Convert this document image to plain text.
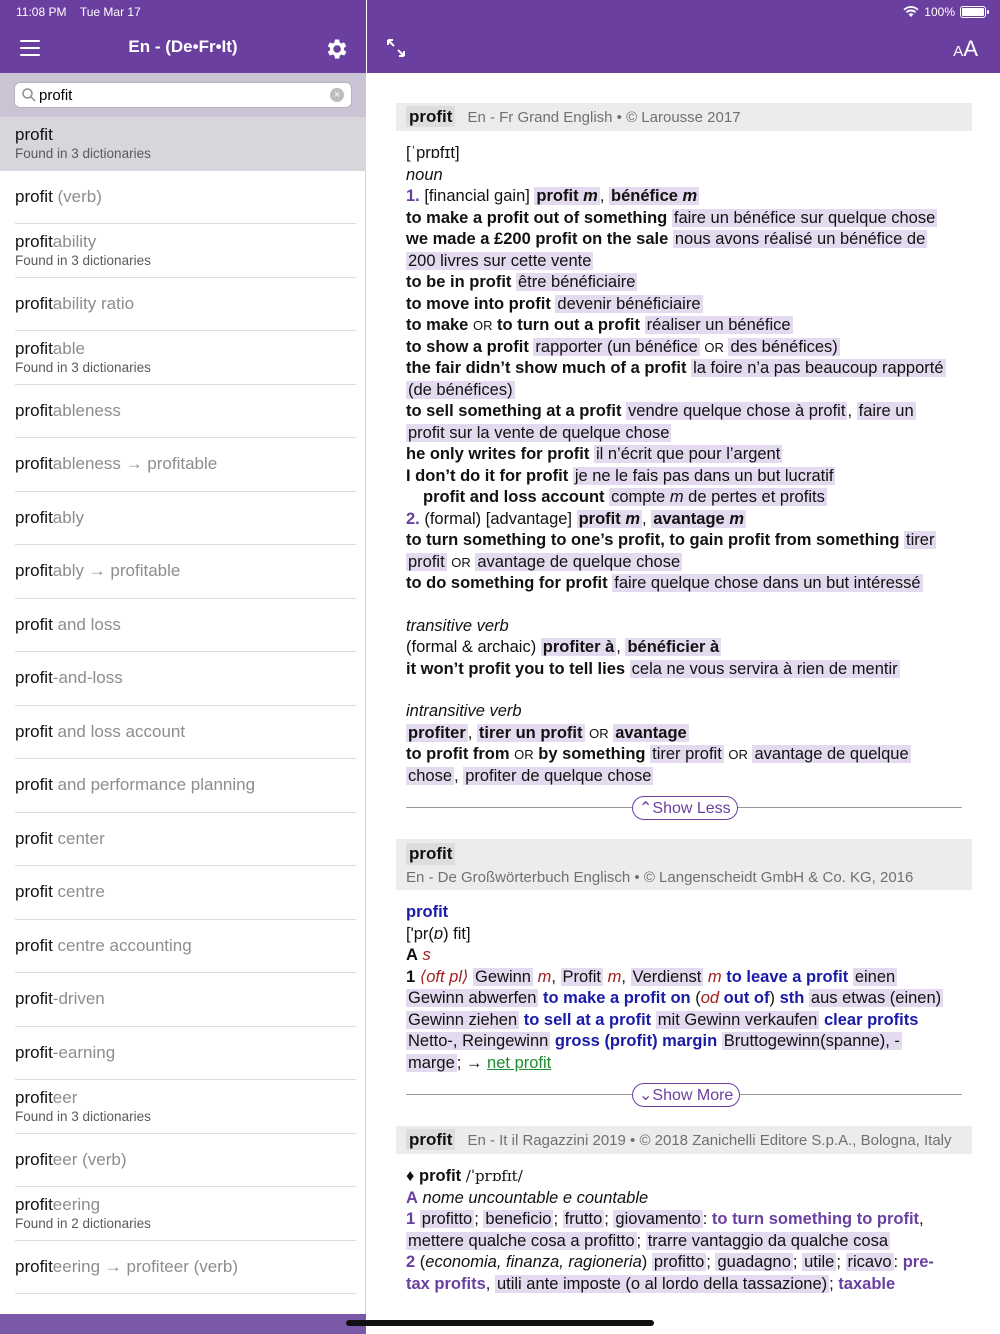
11:08 PM Tue Mar 17	100%
En - (De•Fr•It)
profit
×
profit
Found in 3 dictionaries
profit (verb)
profitability
Found in 3 dictionaries
profitability ratio
profitable
Found in 3 dictionaries
profitableness
profitableness → profitable
profitably
profitably → profitable
profit and loss
profit-and-loss
profit and loss account
profit and performance planning
profit center
profit centre
profit centre accounting
profit-driven
profit-earning
profiteer
Found in 3 dictionaries
profiteer (verb)
profiteering
Found in 2 dictionaries
profiteering → profiteer (verb)
AA
profit En - Fr Grand English • © Larousse 2017
[ˈprɒfɪt]
noun
1. [financial gain] profit m , bénéfice m
to make a profit out of something faire un bénéfice sur quelque chose
we made a £200 profit on the sale nous avons réalisé un bénéfice de
200 livres sur cette vente
to be in profit être bénéficiaire
to move into profit devenir bénéficiaire
to make OR to turn out a profit réaliser un bénéfice
to show a profit rapporter (un bénéfice OR des bénéfices)
the fair didn’t show much of a profit la foire n’a pas beaucoup rapporté
(de bénéfices)
to sell something at a profit vendre quelque chose à profit , faire un
profit sur la vente de quelque chose
he only writes for profit il n’écrit que pour l’argent
I don’t do it for profit je ne le fais pas dans un but lucratif
profit and loss account compte m de pertes et profits
2. (formal) [advantage] profit m , avantage m
to turn something to one’s profit, to gain profit from something tirer
profit OR avantage de quelque chose
to do something for profit faire quelque chose dans un but intéressé
transitive verb
(formal & archaic) profiter à , bénéficier à
it won’t profit you to tell lies cela ne vous servira à rien de mentir
intransitive verb
profiter , tirer un profit OR avantage
to profit from OR by something tirer profit OR avantage de quelque
chose , profiter de quelque chose
⌃Show Less
profit
En - De Großwörterbuch Englisch • © Langenscheidt GmbH & Co. KG, 2016
profit
['pr(ɒ) fit]
A s
1 ⟨oft pl⟩ Gewinn m, Profit m, Verdienst m to leave a profit einen
Gewinn abwerfen to make a profit on (od out of) sth aus etwas (einen)
Gewinn ziehen to sell at a profit mit Gewinn verkaufen clear profits
Netto-, Reingewinn gross (profit) margin Bruttogewinn(spanne), -
marge ; → net profit
⌄Show More
profit En - It il Ragazzini 2019 • © 2018 Zanichelli Editore S.p.A., Bologna, Italy
♦ profit /ˈprɒfɪt/
A nome uncountable e countable
1 profitto ; beneficio ; frutto ; giovamento : to turn something to profit,
mettere qualche cosa a profitto ; trarre vantaggio da qualche cosa
2 (economia, finanza, ragioneria) profitto ; guadagno ; utile ; ricavo : pre-
tax profits, utili ante imposte (o al lordo della tassazione) ; taxable
